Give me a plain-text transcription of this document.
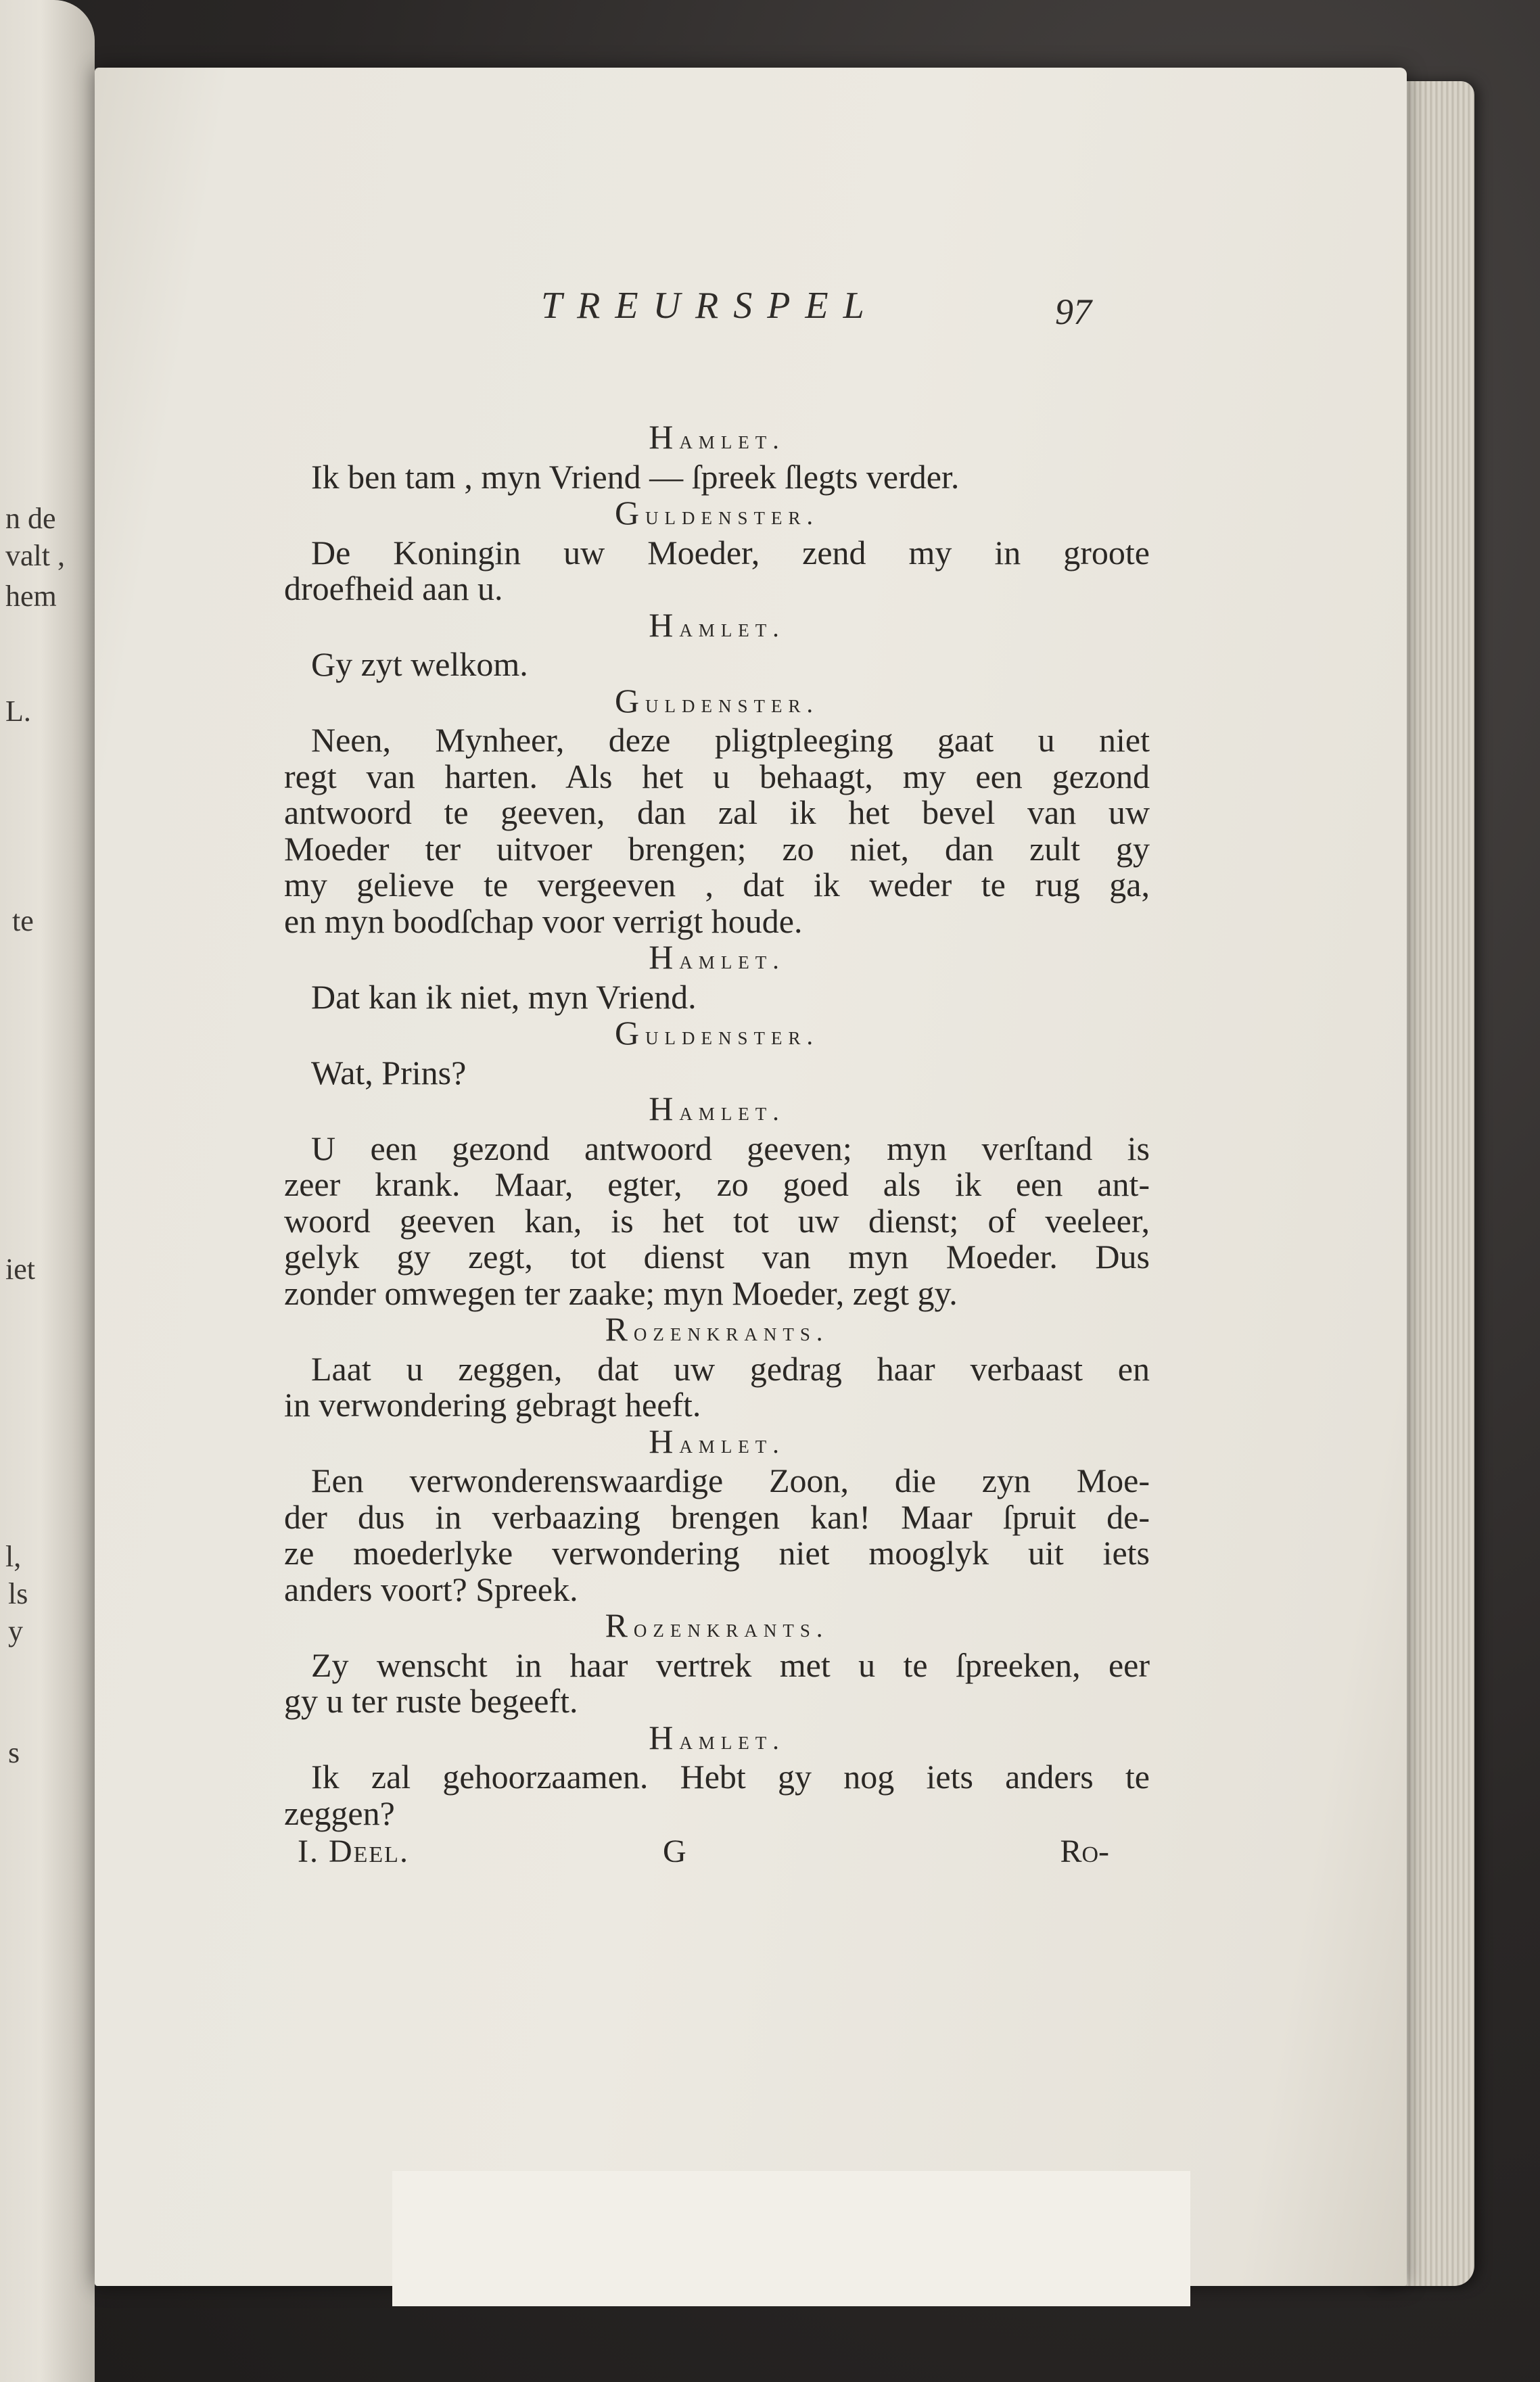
n de
valt ,
hem
L.
te
iet
l,
ls
y
s
TREURSPEL	97
Hamlet.
Ik ben tam , myn Vriend — ſpreek ſlegts verder.
Guldenster.
De Koningin uw Moeder, zend my in groote
droefheid aan u.
Hamlet.
Gy zyt welkom.
Guldenster.
Neen, Mynheer, deze pligtpleeging gaat u niet
regt van harten. Als het u behaagt, my een gezond
antwoord te geeven, dan zal ik het bevel van uw
Moeder ter uitvoer brengen; zo niet, dan zult gy
my gelieve te vergeeven , dat ik weder te rug ga,
en myn boodſchap voor verrigt houde.
Hamlet.
Dat kan ik niet, myn Vriend.
Guldenster.
Wat, Prins?
Hamlet.
U een gezond antwoord geeven; myn verſtand is
zeer krank. Maar, egter, zo goed als ik een ant-
woord geeven kan, is het tot uw dienst; of veeleer,
gelyk gy zegt, tot dienst van myn Moeder. Dus
zonder omwegen ter zaake; myn Moeder, zegt gy.
Rozenkrants.
Laat u zeggen, dat uw gedrag haar verbaast en
in verwondering gebragt heeft.
Hamlet.
Een verwonderenswaardige Zoon, die zyn Moe-
der dus in verbaazing brengen kan! Maar ſpruit de-
ze moederlyke verwondering niet mooglyk uit iets
anders voort? Spreek.
Rozenkrants.
Zy wenscht in haar vertrek met u te ſpreeken, eer
gy u ter ruste begeeft.
Hamlet.
Ik zal gehoorzaamen. Hebt gy nog iets anders te
zeggen?
I. Deel.	G	Ro-
